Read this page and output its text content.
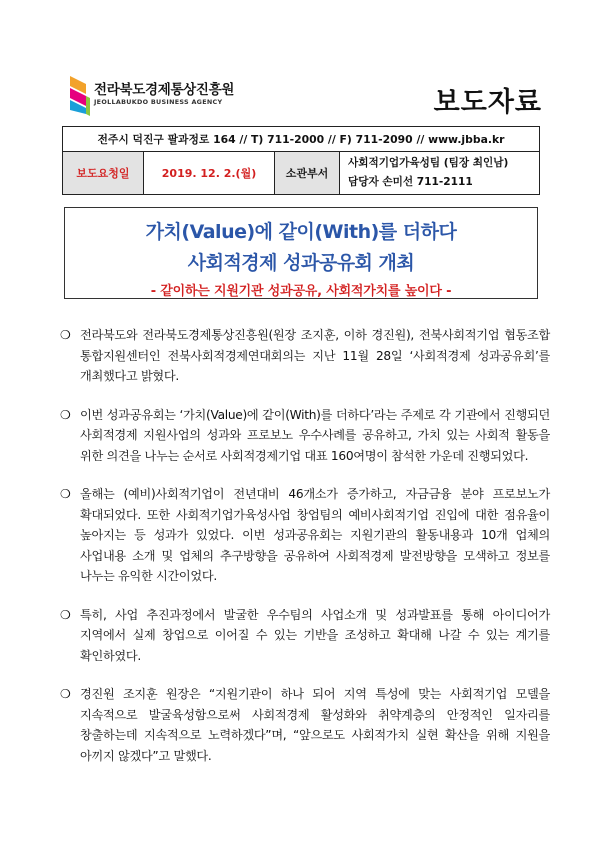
전라북도경제통상진흥원
JEOLLABUKDO BUSINESS AGENCY	보도자료
전주시 덕진구 팔과정로 164 // T) 711-2000 // F) 711-2090 // www.jbba.kr
보도요청일	2019. 12. 2.(월)	소관부서	
사회적기업가육성팀 (팀장 최인남)
담당자 손미선 711-2111
가치(Value)에 같이(With)를 더하다
사회적경제 성과공유회 개최
- 같이하는 지원기관 성과공유, 사회적가치를 높이다 -
❍ 전라북도와 전라북도경제통상진흥원(원장 조지훈, 이하 경진원), 전북사회적기업 협동조합 통합지원센터인 전북사회적경제연대회의는 지난 11월 28일 ‘사회적경제 성과공유회’를 개최했다고 밝혔다.
❍ 이번 성과공유회는 ‘가치(Value)에 같이(With)를 더하다’라는 주제로 각 기관에서 진행되던 사회적경제 지원사업의 성과와 프로보노 우수사례를 공유하고, 가치 있는 사회적 활동을 위한 의견을 나누는 순서로 사회적경제기업 대표 160여명이 참석한 가운데 진행되었다.
❍ 올해는 (예비)사회적기업이 전년대비 46개소가 증가하고, 자금금융 분야 프로보노가 확대되었다. 또한 사회적기업가육성사업 창업팀의 예비사회적기업 진입에 대한 점유율이 높아지는 등 성과가 있었다. 이번 성과공유회는 지원기관의 활동내용과 10개 업체의 사업내용 소개 및 업체의 추구방향을 공유하여 사회적경제 발전방향을 모색하고 정보를 나누는 유익한 시간이었다.
❍ 특히, 사업 추진과정에서 발굴한 우수팀의 사업소개 및 성과발표를 통해 아이디어가 지역에서 실제 창업으로 이어질 수 있는 기반을 조성하고 확대해 나갈 수 있는 계기를 확인하였다.
❍ 경진원 조지훈 원장은 “지원기관이 하나 되어 지역 특성에 맞는 사회적기업 모델을 지속적으로 발굴육성함으로써 사회적경제 활성화와 취약계층의 안정적인 일자리를 창출하는데 지속적으로 노력하겠다”며, “앞으로도 사회적가치 실현 확산을 위해 지원을 아끼지 않겠다”고 말했다.
